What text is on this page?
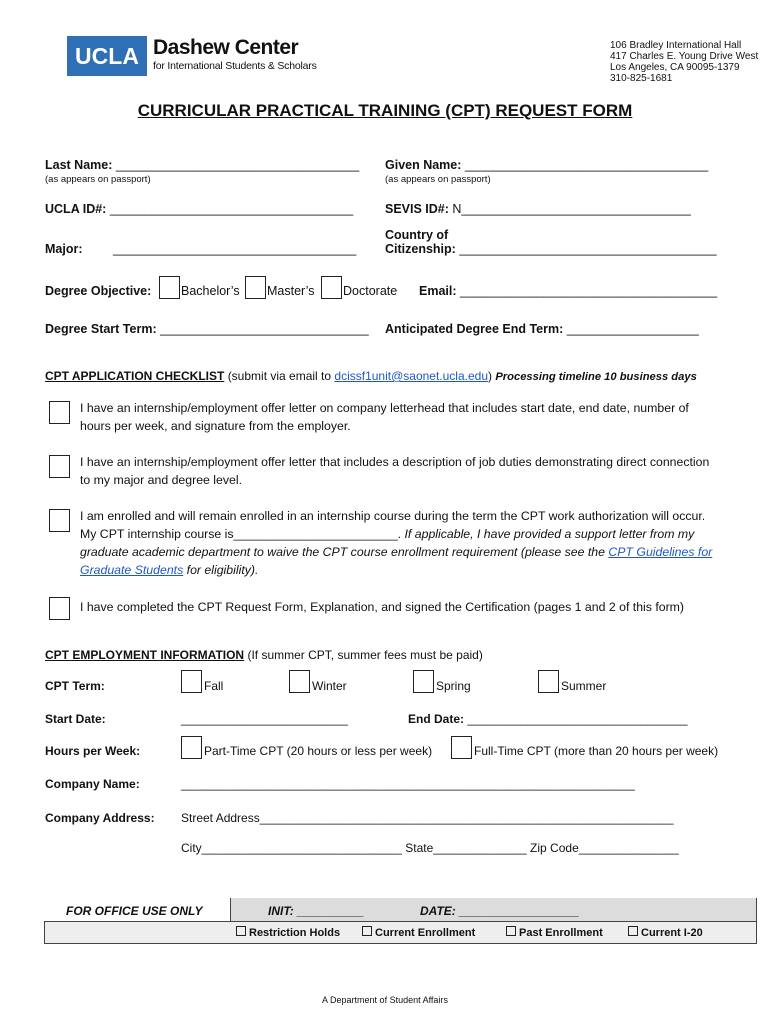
UCLA Dashew Center
for International Students & Scholars
106 Bradley International Hall
417 Charles E. Young Drive West
Los Angeles, CA 90095-1379
310-825-1681
CURRICULAR PRACTICAL TRAINING (CPT) REQUEST FORM
Last Name: ___________________________________
(as appears on passport)
Given Name: ___________________________________
(as appears on passport)
UCLA ID#: ___________________________________	SEVIS ID#: N_________________________________
Major: ___________________________________
Country of
Citizenship: _____________________________________
Degree Objective: Bachelor’s Master’s Doctorate Email: _____________________________________
Degree Start Term: ______________________________ Anticipated Degree End Term: ___________________
CPT APPLICATION CHECKLIST (submit via email to dcissf1unit@saonet.ucla.edu) Processing timeline 10 business days
I have an internship/employment offer letter on company letterhead that includes start date, end date, number of
hours per week, and signature from the employer.
I have an internship/employment offer letter that includes a description of job duties demonstrating direct connection
to my major and degree level.
I am enrolled and will remain enrolled in an internship course during the term the CPT work authorization will occur.
My CPT internship course is________________________. If applicable, I have provided a support letter from my
graduate academic department to waive the CPT course enrollment requirement (please see the CPT Guidelines for
Graduate Students for eligibility).
I have completed the CPT Request Form, Explanation, and signed the Certification (pages 1 and 2 of this form)
CPT EMPLOYMENT INFORMATION (If summer CPT, summer fees must be paid)
CPT Term:	Fall	Winter	Spring	Summer
Start Date:	_________________________	End Date: _________________________________
Hours per Week:	Part-Time CPT (20 hours or less per week)	Full-Time CPT (more than 20 hours per week)
Company Name:	____________________________________________________________________
Company Address: Street Address______________________________________________________________
City______________________________ State______________ Zip Code_______________
FOR OFFICE USE ONLY	INIT: __________	DATE: __________________
Restriction Holds	Current Enrollment	Past Enrollment	Current I-20
A Department of Student Affairs
